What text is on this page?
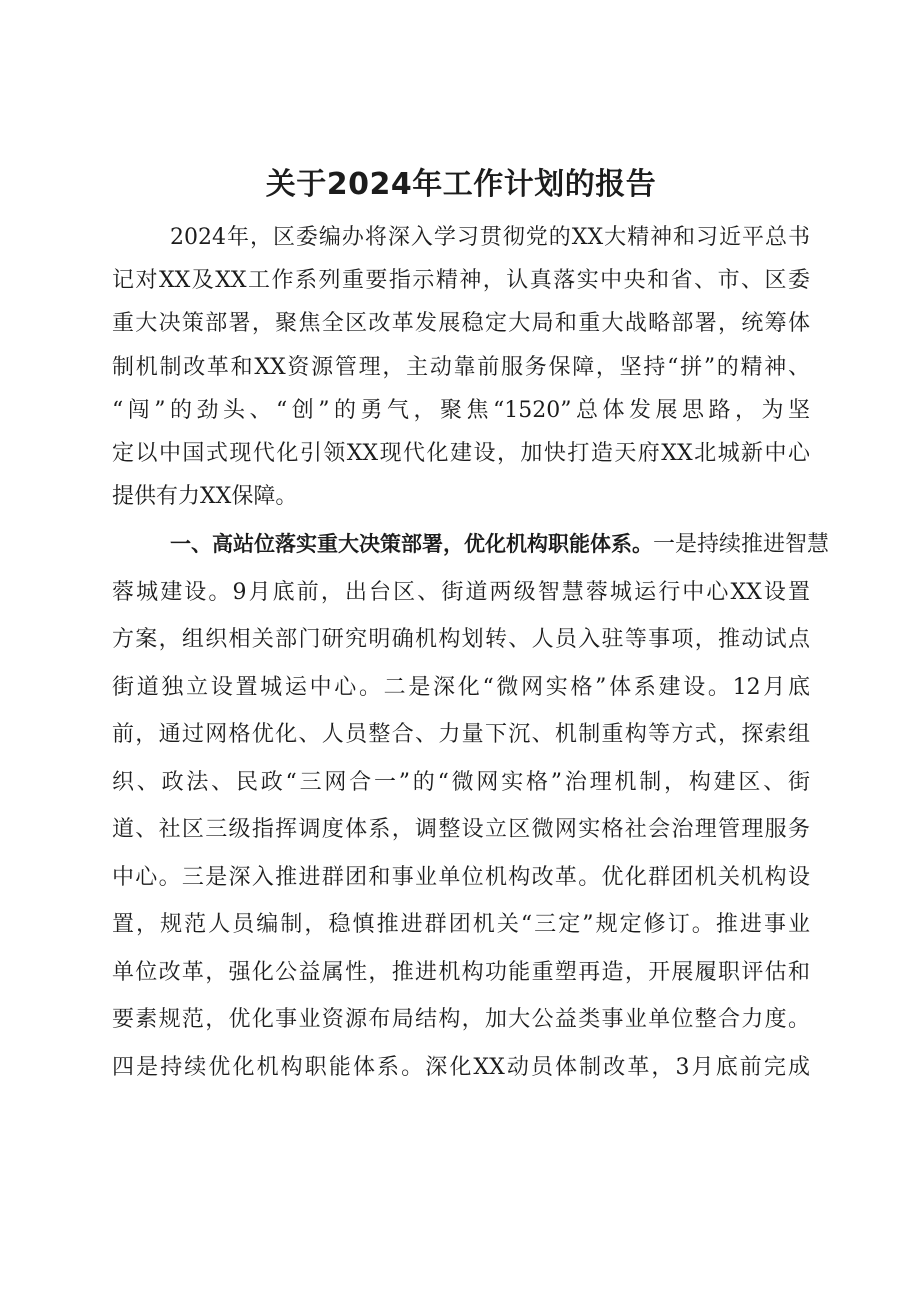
关于2024年工作计划的报告
2024年，区委编办将深入学习贯彻党的XX大精神和习近平总书
记对XX及XX工作系列重要指示精神，认真落实中央和省、市、区委
重大决策部署，聚焦全区改革发展稳定大局和重大战略部署，统筹体
制机制改革和XX资源管理，主动靠前服务保障，坚持“拼”的精神、
“闯”的劲头、“创”的勇气，聚焦“1520”总体发展思路，为坚
定以中国式现代化引领XX现代化建设，加快打造天府XX北城新中心
提供有力XX保障。
一、高站位落实重大决策部署，优化机构职能体系。一是持续推进智慧
蓉城建设。9月底前，出台区、街道两级智慧蓉城运行中心XX设置
方案，组织相关部门研究明确机构划转、人员入驻等事项，推动试点
街道独立设置城运中心。二是深化“微网实格”体系建设。12月底
前，通过网格优化、人员整合、力量下沉、机制重构等方式，探索组
织、政法、民政“三网合一”的“微网实格”治理机制，构建区、街
道、社区三级指挥调度体系，调整设立区微网实格社会治理管理服务
中心。三是深入推进群团和事业单位机构改革。优化群团机关机构设
置，规范人员编制，稳慎推进群团机关“三定”规定修订。推进事业
单位改革，强化公益属性，推进机构功能重塑再造，开展履职评估和
要素规范，优化事业资源布局结构，加大公益类事业单位整合力度。
四是持续优化机构职能体系。深化XX动员体制改革，3月底前完成
